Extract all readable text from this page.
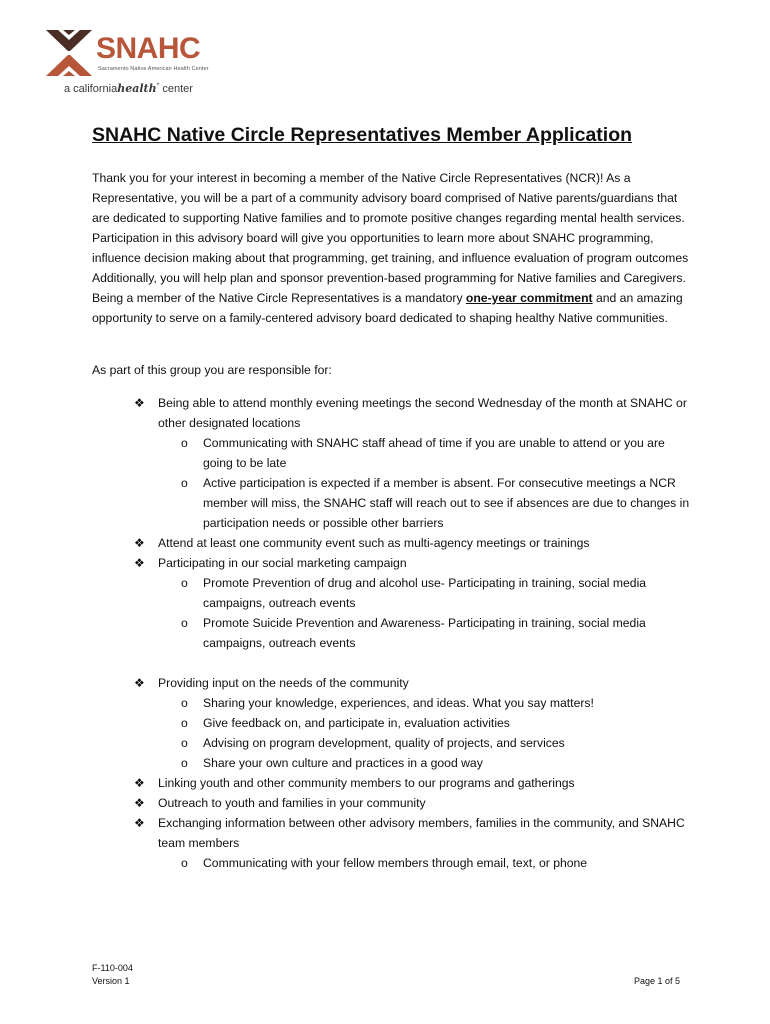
SNAHC
Sacramento Native American Health Center
a californiahealth* center
SNAHC Native Circle Representatives Member Application

Thank you for your interest in becoming a member of the Native Circle Representatives (NCR)! As a Representative, you will be a part of a community advisory board comprised of Native parents/guardians that are dedicated to supporting Native families and to promote positive changes regarding mental health services. Participation in this advisory board will give you opportunities to learn more about SNAHC programming, influence decision making about that programming, get training, and influence evaluation of program outcomes Additionally, you will help plan and sponsor prevention-based programming for Native families and Caregivers. Being a member of the Native Circle Representatives is a mandatory one-year commitment and an amazing opportunity to serve on a family-centered advisory board dedicated to shaping healthy Native communities.

As part of this group you are responsible for:

❖ Being able to attend monthly evening meetings the second Wednesday of the month at SNAHC or other designated locations
o Communicating with SNAHC staff ahead of time if you are unable to attend or you are going to be late
o Active participation is expected if a member is absent. For consecutive meetings a NCR member will miss, the SNAHC staff will reach out to see if absences are due to changes in participation needs or possible other barriers
❖ Attend at least one community event such as multi-agency meetings or trainings
❖ Participating in our social marketing campaign
o Promote Prevention of drug and alcohol use- Participating in training, social media campaigns, outreach events
o Promote Suicide Prevention and Awareness- Participating in training, social media campaigns, outreach events
❖ Providing input on the needs of the community
o Sharing your knowledge, experiences, and ideas. What you say matters!
o Give feedback on, and participate in, evaluation activities
o Advising on program development, quality of projects, and services
o Share your own culture and practices in a good way
❖ Linking youth and other community members to our programs and gatherings
❖ Outreach to youth and families in your community
❖ Exchanging information between other advisory members, families in the community, and SNAHC team members
o Communicating with your fellow members through email, text, or phone
F-110-004
Version 1	Page 1 of 5
